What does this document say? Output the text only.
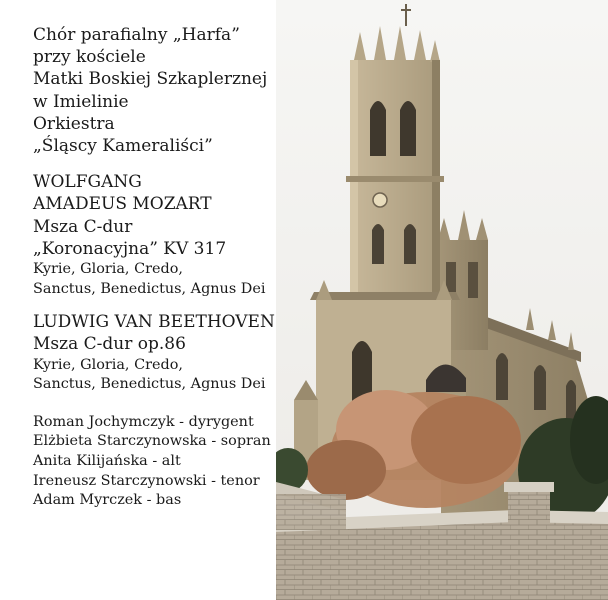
Chór parafialny „Harfa”
przy kościele
Matki Boskiej Szkaplerznej
w Imielinie
Orkiestra
„Śląscy Kameraliści”
WOLFGANG
AMADEUS MOZART
Msza C-dur
„Koronacyjna” KV 317
Kyrie, Gloria, Credo,
Sanctus, Benedictus, Agnus Dei
LUDWIG VAN BEETHOVEN
Msza C-dur op.86
Kyrie, Gloria, Credo,
Sanctus, Benedictus, Agnus Dei
Roman Jochymczyk - dyrygent
Elżbieta Starczynowska - sopran
Anita Kilijańska - alt
Ireneusz Starczynowski - tenor
Adam Myrczek - bas
